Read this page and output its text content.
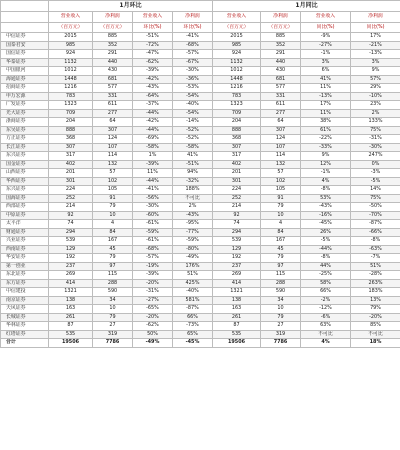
	1月环比				1月同比			
	营业收入	净利润	营业收入	净利润	营业收入	净利润	营业收入	净利润
	（百万元）	（百万元）	环比(%)	环比(%)	（百万元）	（百万元）	同比(%)	同比(%)
中信证券	2015	885	-51%	-41%	2015	885	-9%	17%
国泰君安	985	352	-72%	-68%	985	352	-27%	-21%
国信证券	924	291	-47%	-57%	924	291	-1%	-13%
华泰证券	1132	440	-62%	-67%	1132	440	3%	3%
中国银河	1012	430	-39%	-30%	1012	430	6%	9%
海通证券	1448	681	-42%	-36%	1448	681	41%	57%
招商证券	1216	577	-43%	-53%	1216	577	11%	29%
申万宏源	783	331	-64%	-54%	783	331	-13%	-10%
广发证券	1323	611	-37%	-40%	1323	611	17%	23%
光大证券	709	277	-44%	-54%	709	277	11%	2%
浙商证券	204	64	-42%	-14%	204	64	38%	133%
东吴证券	888	307	-44%	-52%	888	307	61%	75%
方正证券	368	124	-69%	-52%	368	124	-22%	-31%
长江证券	307	107	-58%	-58%	307	107	-33%	-30%
东兴证券	317	114	1%	41%	317	114	9%	247%
国金证券	402	132	-39%	-51%	402	132	12%	0%
山西证券	201	57	11%	94%	201	57	-1%	-3%
华西证券	301	102	-44%	-32%	301	102	4%	-5%
东兴证券	224	105	-41%	188%	224	105	-8%	14%
国海证券	252	91	-56%	不可比	252	91	53%	75%
西部证券	214	79	-30%	2%	214	79	-43%	-50%
中原证券	92	10	-60%	-43%	92	10	-16%	-70%
太平洋	74	4	-61%	-95%	74	4	-45%	-87%
财通证券	294	84	-59%	-77%	294	84	26%	-66%
兴业证券	539	167	-61%	-59%	539	167	-5%	-8%
西南证券	129	45	-68%	-80%	129	45	-44%	-63%
华安证券	192	79	-57%	-49%	192	79	-8%	-7%
第一创业	237	97	-19%	176%	237	97	44%	51%
东北证券	269	115	-39%	51%	269	115	-25%	-28%
东方证券	414	288	-20%	425%	414	288	58%	263%
中信建投	1321	590	-31%	-40%	1321	590	66%	183%
南京证券	138	34	-27%	581%	138	34	-2%	13%
天风证券	163	10	-65%	-87%	163	10	-12%	79%
长城证券	261	79	-20%	66%	261	79	-6%	-20%
华林证券	87	27	-62%	-73%	87	27	63%	85%
红塔证券	535	319	50%	65%	535	319	不可比	不可比
合计	19506	7786	-49%	-45%	19506	7786	4%	18%
